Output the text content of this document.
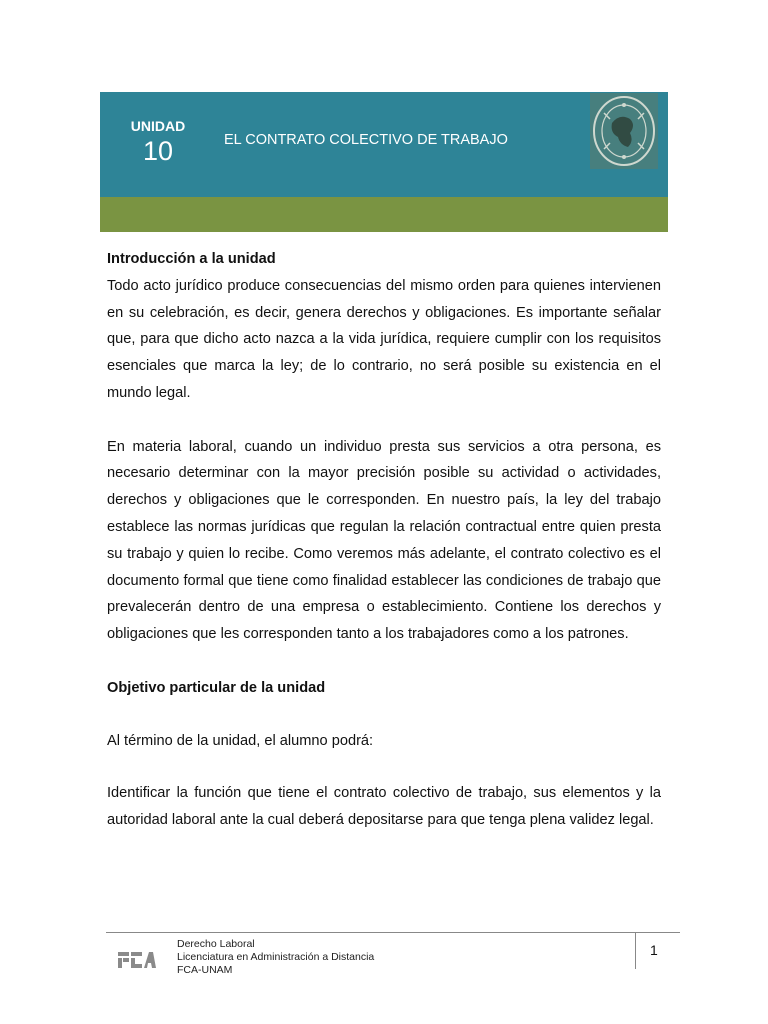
UNIDAD
10	EL CONTRATO COLECTIVO DE TRABAJO
Introducción a la unidad

Todo acto jurídico produce consecuencias del mismo orden para quienes intervienen en su celebración, es decir, genera derechos y obligaciones. Es importante señalar que, para que dicho acto nazca a la vida jurídica, requiere cumplir con los requisitos esenciales que marca la ley; de lo contrario, no será posible su existencia en el mundo legal.

En materia laboral, cuando un individuo presta sus servicios a otra persona, es necesario determinar con la mayor precisión posible su actividad o actividades, derechos y obligaciones que le corresponden. En nuestro país, la ley del trabajo establece las normas jurídicas que regulan la relación contractual entre quien presta su trabajo y quien lo recibe. Como veremos más adelante, el contrato colectivo es el documento formal que tiene como finalidad establecer las condiciones de trabajo que prevalecerán dentro de una empresa o establecimiento. Contiene los derechos y obligaciones que les corresponden tanto a los trabajadores como a los patrones.

Objetivo particular de la unidad

Al término de la unidad, el alumno podrá:

Identificar la función que tiene el contrato colectivo de trabajo, sus elementos y la autoridad laboral ante la cual deberá depositarse para que tenga plena validez legal.

Derecho Laboral
Licenciatura en Administración a Distancia
FCA-UNAM
1
